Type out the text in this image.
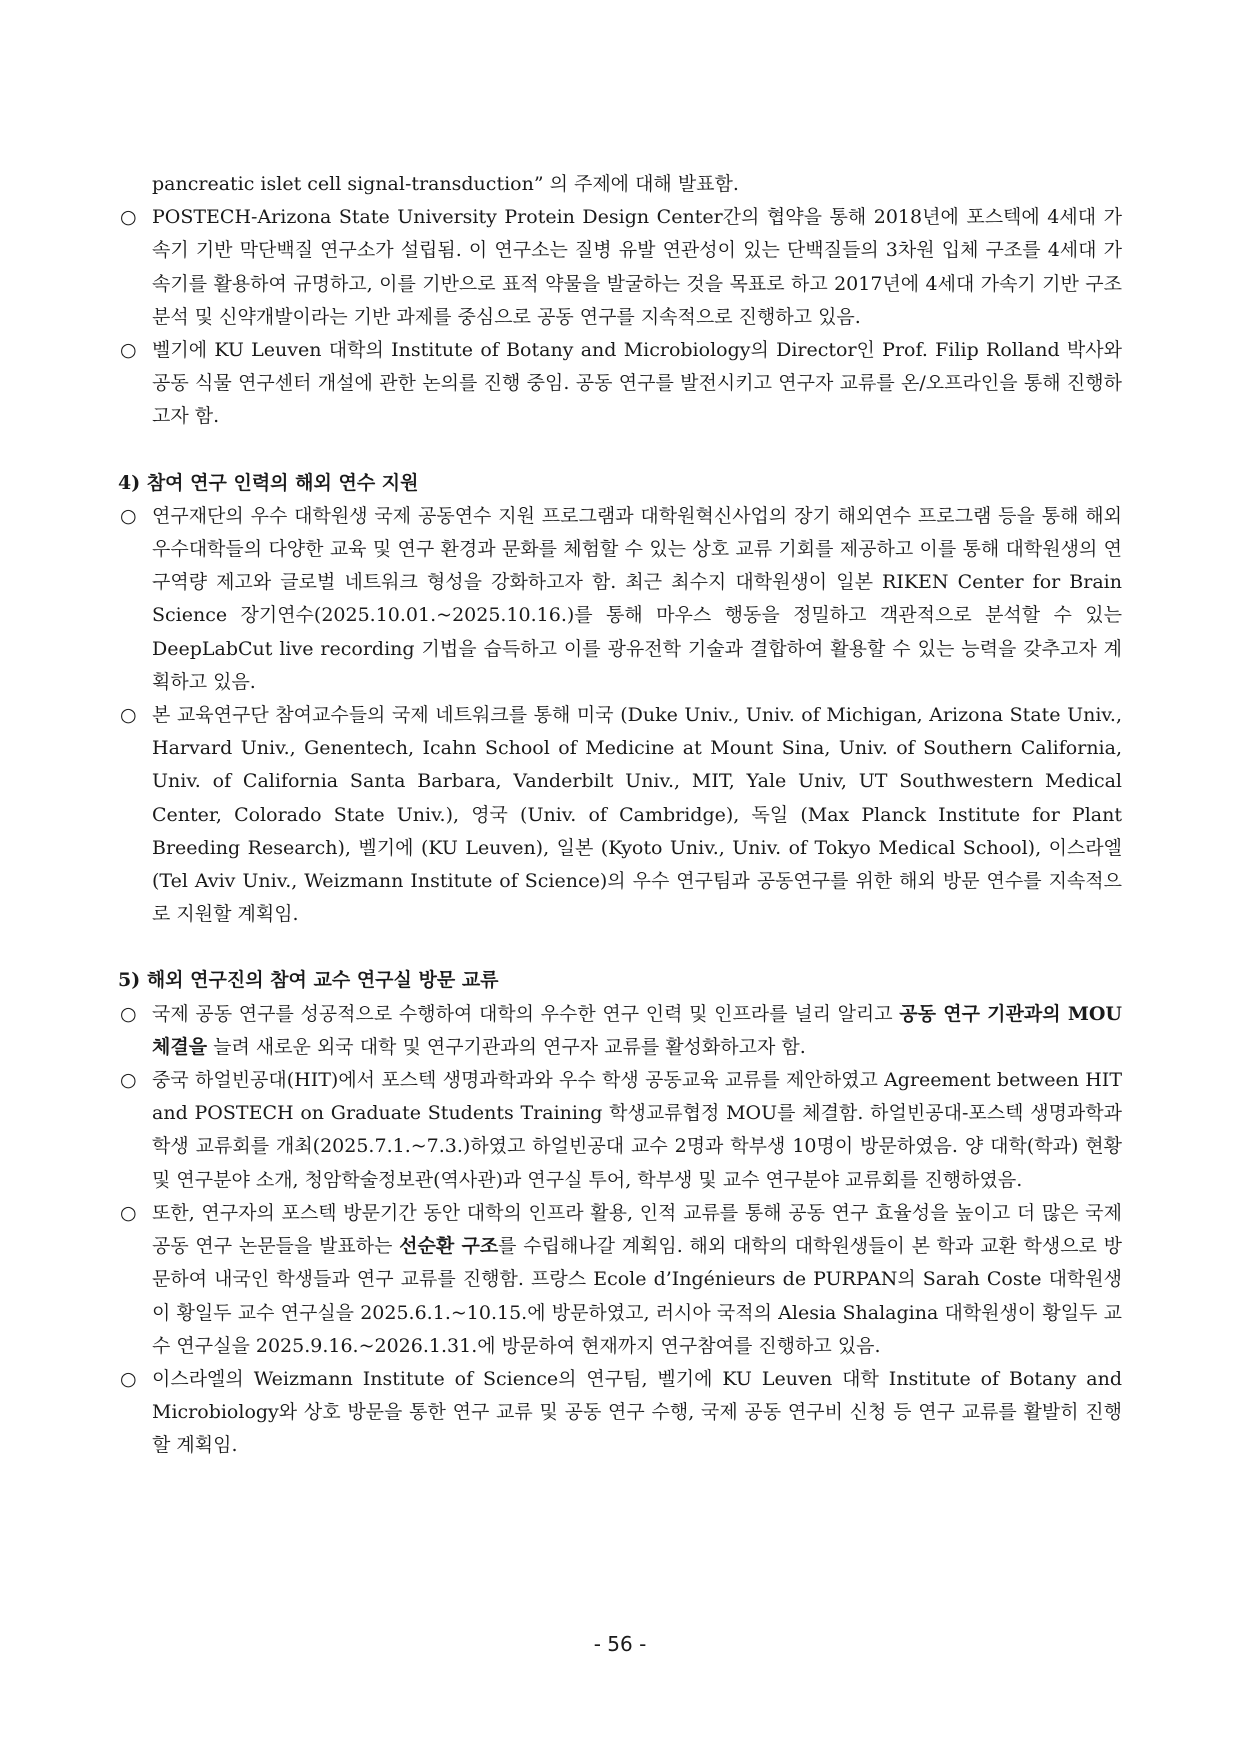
pancreatic islet cell signal-transduction” 의 주제에 대해 발표함.

○ POSTECH-Arizona State University Protein Design Center간의 협약을 통해 2018년에 포스텍에 4세대 가속기 기반 막단백질 연구소가 설립됨. 이 연구소는 질병 유발 연관성이 있는 단백질들의 3차원 입체 구조를 4세대 가속기를 활용하여 규명하고, 이를 기반으로 표적 약물을 발굴하는 것을 목표로 하고 2017년에 4세대 가속기 기반 구조 분석 및 신약개발이라는 기반 과제를 중심으로 공동 연구를 지속적으로 진행하고 있음.
○ 벨기에 KU Leuven 대학의 Institute of Botany and Microbiology의 Director인 Prof. Filip Rolland 박사와 공동 식물 연구센터 개설에 관한 논의를 진행 중임. 공동 연구를 발전시키고 연구자 교류를 온/오프라인을 통해 진행하고자 함.

4) 참여 연구 인력의 해외 연수 지원

○ 연구재단의 우수 대학원생 국제 공동연수 지원 프로그램과 대학원혁신사업의 장기 해외연수 프로그램 등을 통해 해외 우수대학들의 다양한 교육 및 연구 환경과 문화를 체험할 수 있는 상호 교류 기회를 제공하고 이를 통해 대학원생의 연구역량 제고와 글로벌 네트워크 형성을 강화하고자 함. 최근 최수지 대학원생이 일본 RIKEN Center for Brain Science 장기연수(2025.10.01.~2025.10.16.)를 통해 마우스 행동을 정밀하고 객관적으로 분석할 수 있는 DeepLabCut live recording 기법을 습득하고 이를 광유전학 기술과 결합하여 활용할 수 있는 능력을 갖추고자 계획하고 있음.
○ 본 교육연구단 참여교수들의 국제 네트워크를 통해 미국 (Duke Univ., Univ. of Michigan, Arizona State Univ., Harvard Univ., Genentech, Icahn School of Medicine at Mount Sina, Univ. of Southern California, Univ. of California Santa Barbara, Vanderbilt Univ., MIT, Yale Univ, UT Southwestern Medical Center, Colorado State Univ.), 영국 (Univ. of Cambridge), 독일 (Max Planck Institute for Plant Breeding Research), 벨기에 (KU Leuven), 일본 (Kyoto Univ., Univ. of Tokyo Medical School), 이스라엘 (Tel Aviv Univ., Weizmann Institute of Science)의 우수 연구팀과 공동연구를 위한 해외 방문 연수를 지속적으로 지원할 계획임.

5) 해외 연구진의 참여 교수 연구실 방문 교류

○ 국제 공동 연구를 성공적으로 수행하여 대학의 우수한 연구 인력 및 인프라를 널리 알리고 공동 연구 기관과의 MOU 체결을 늘려 새로운 외국 대학 및 연구기관과의 연구자 교류를 활성화하고자 함.
○ 중국 하얼빈공대(HIT)에서 포스텍 생명과학과와 우수 학생 공동교육 교류를 제안하였고 Agreement between HIT and POSTECH on Graduate Students Training 학생교류협정 MOU를 체결함. 하얼빈공대-포스텍 생명과학과 학생 교류회를 개최(2025.7.1.~7.3.)하였고 하얼빈공대 교수 2명과 학부생 10명이 방문하였음. 양 대학(학과) 현황 및 연구분야 소개, 청암학술정보관(역사관)과 연구실 투어, 학부생 및 교수 연구분야 교류회를 진행하였음.
○ 또한, 연구자의 포스텍 방문기간 동안 대학의 인프라 활용, 인적 교류를 통해 공동 연구 효율성을 높이고 더 많은 국제 공동 연구 논문들을 발표하는 선순환 구조를 수립해나갈 계획임. 해외 대학의 대학원생들이 본 학과 교환 학생으로 방문하여 내국인 학생들과 연구 교류를 진행함. 프랑스 Ecole d’Ingénieurs de PURPAN의 Sarah Coste 대학원생이 황일두 교수 연구실을 2025.6.1.~10.15.에 방문하였고, 러시아 국적의 Alesia Shalagina 대학원생이 황일두 교수 연구실을 2025.9.16.~2026.1.31.에 방문하여 현재까지 연구참여를 진행하고 있음.
○ 이스라엘의 Weizmann Institute of Science의 연구팀, 벨기에 KU Leuven 대학 Institute of Botany and Microbiology와 상호 방문을 통한 연구 교류 및 공동 연구 수행, 국제 공동 연구비 신청 등 연구 교류를 활발히 진행할 계획임.
- 56 -
